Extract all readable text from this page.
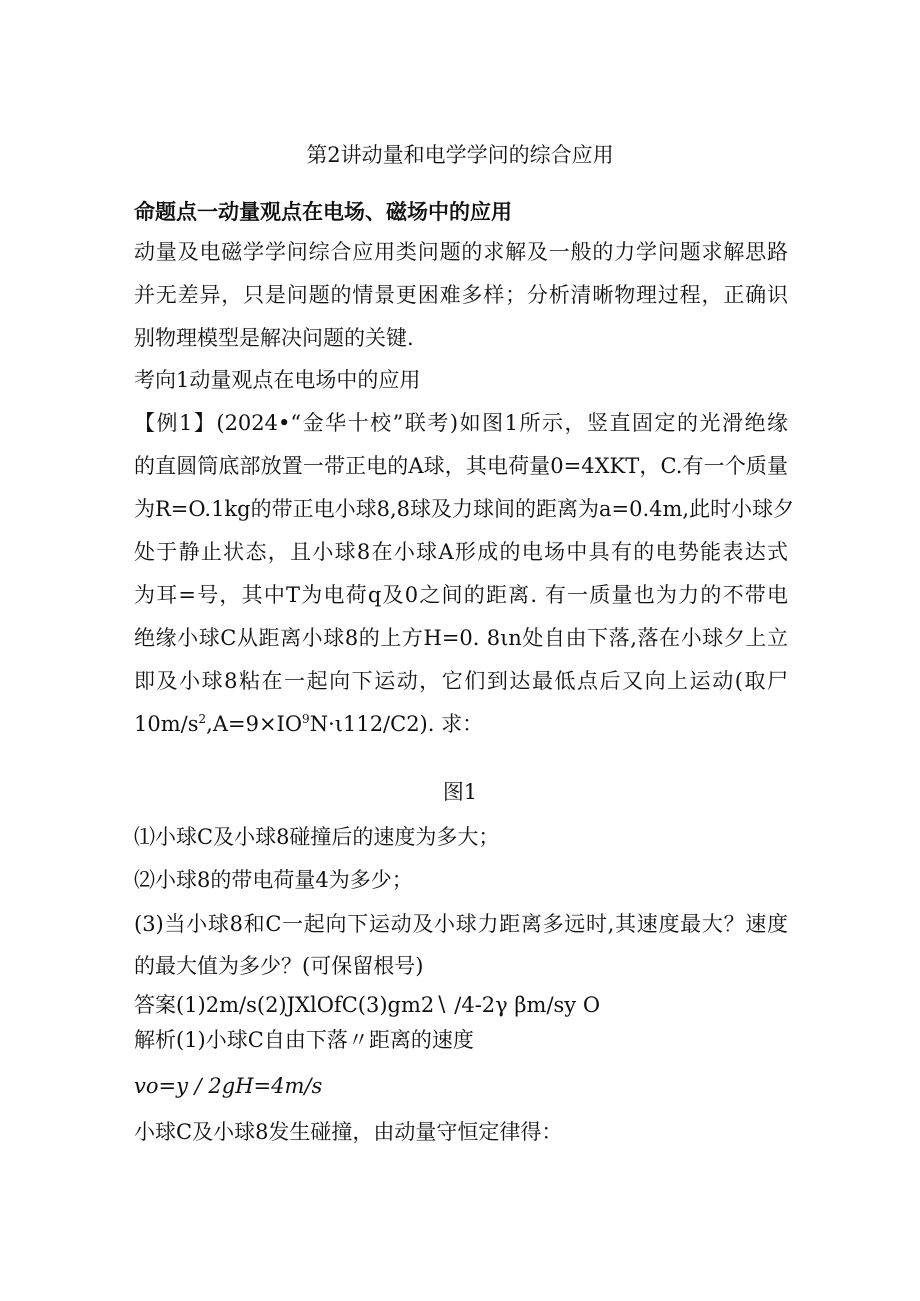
第2讲动量和电学学问的综合应用
命题点一动量观点在电场、磁场中的应用
动量及电磁学学问综合应用类问题的求解及一般的力学问题求解思路
并无差异，只是问题的情景更困难多样；分析清晰物理过程，正确识
别物理模型是解决问题的关键.
考向1动量观点在电场中的应用
【例1】(2024•“金华十校”联考)如图1所示，竖直固定的光滑绝缘
的直圆筒底部放置一带正电的A球，其电荷量0=4XKT，C.有一个质量
为R=O.1kg的带正电小球8,8球及力球间的距离为a=0.4m,此时小球夕
处于静止状态，且小球8在小球A形成的电场中具有的电势能表达式
为耳=号，其中T为电荷q及0之间的距离. 有一质量也为力的不带电
绝缘小球C从距离小球8的上方H=0. 8ιn处自由下落,落在小球夕上立
即及小球8粘在一起向下运动，它们到达最低点后又向上运动(取尸
$10m∕s^2,A=9\times IO^9N\cdot\iota 112∕C2$). 求：
图1
⑴小球C及小球8碰撞后的速度为多大；
⑵小球8的带电荷量4为多少；
(3)当小球8和C一起向下运动及小球力距离多远时,其速度最大？速度
的最大值为多少？(可保留根号)
答案(1)2m/s(2)JXlOfC(3)gm2∖ ∕4-2γ βm/sy O
解析(1)小球C自由下落〃距离的速度
vo=y ∕ 2gH=4m/s
小球C及小球8发生碰撞，由动量守恒定律得：
